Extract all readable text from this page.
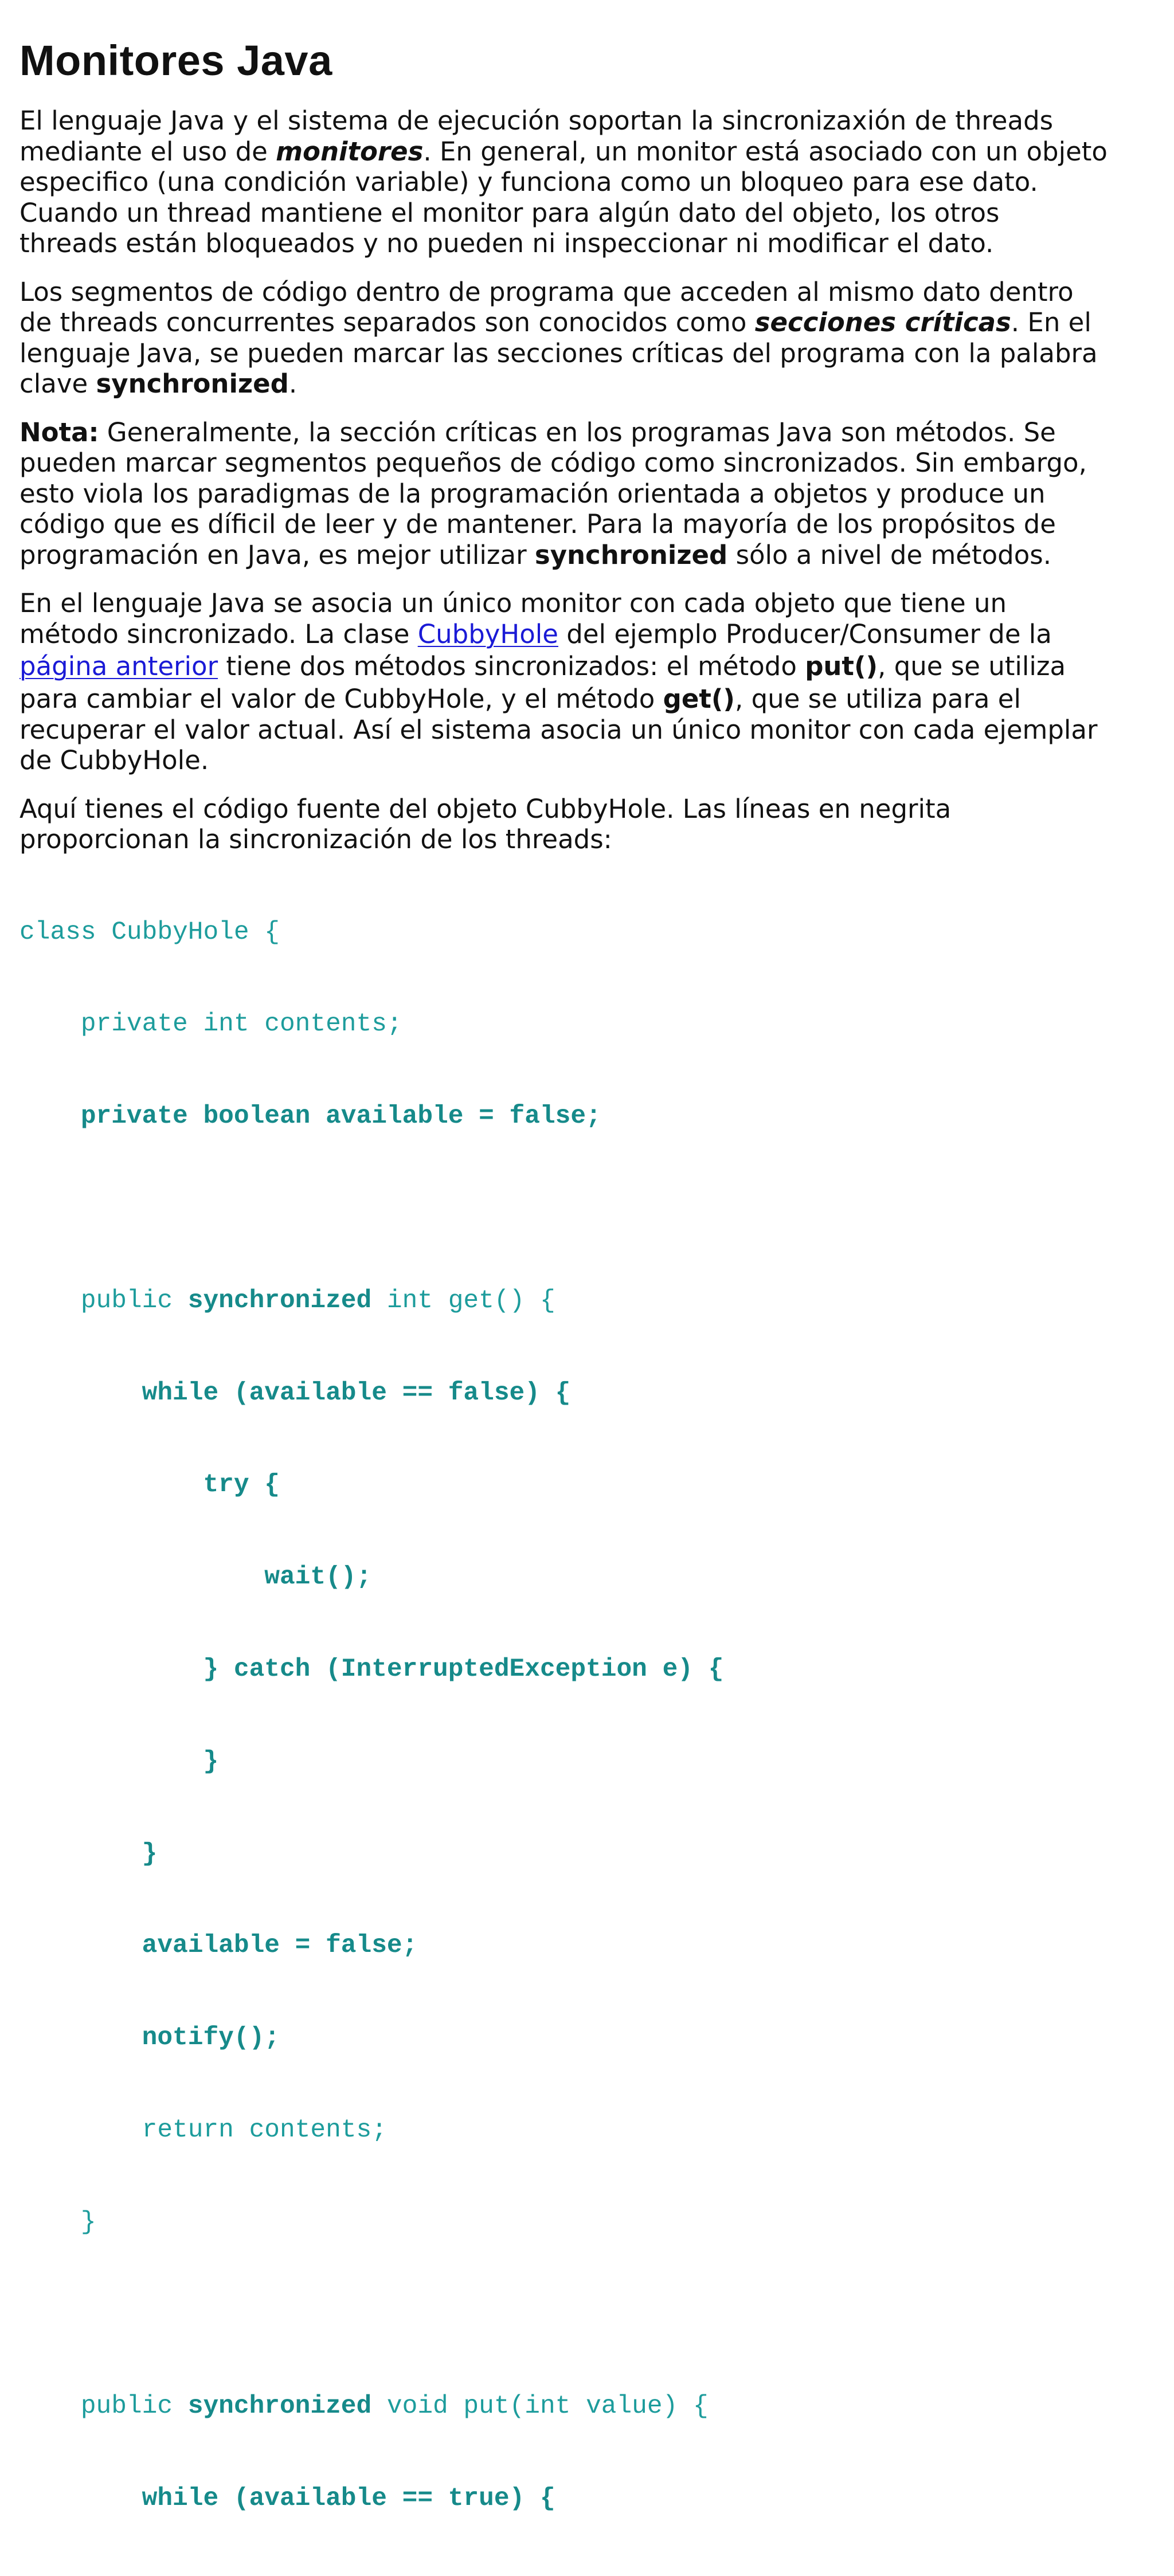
Monitores Java

El lenguaje Java y el sistema de ejecución soportan la sincronizaxión de threads
mediante el uso de monitores. En general, un monitor está asociado con un objeto
especifico (una condición variable) y funciona como un bloqueo para ese dato.
Cuando un thread mantiene el monitor para algún dato del objeto, los otros
threads están bloqueados y no pueden ni inspeccionar ni modificar el dato.

Los segmentos de código dentro de programa que acceden al mismo dato dentro
de threads concurrentes separados son conocidos como secciones críticas. En el
lenguaje Java, se pueden marcar las secciones críticas del programa con la palabra
clave synchronized.

Nota: Generalmente, la sección críticas en los programas Java son métodos. Se
pueden marcar segmentos pequeños de código como sincronizados. Sin embargo,
esto viola los paradigmas de la programación orientada a objetos y produce un
código que es díficil de leer y de mantener. Para la mayoría de los propósitos de
programación en Java, es mejor utilizar synchronized sólo a nivel de métodos.

En el lenguaje Java se asocia un único monitor con cada objeto que tiene un
método sincronizado. La clase CubbyHole del ejemplo Producer/Consumer de la
página anterior tiene dos métodos sincronizados: el método put(), que se utiliza
para cambiar el valor de CubbyHole, y el método get(), que se utiliza para el
recuperar el valor actual. Así el sistema asocia un único monitor con cada ejemplar
de CubbyHole.

Aquí tienes el código fuente del objeto CubbyHole. Las líneas en negrita
proporcionan la sincronización de los threads:

class CubbyHole {

private int contents;

private boolean available = false;

public synchronized int get() {

while (available == false) {

try {

wait();

} catch (InterruptedException e) {

}

}

available = false;

notify();

return contents;

}

public synchronized void put(int value) {

while (available == true) {
